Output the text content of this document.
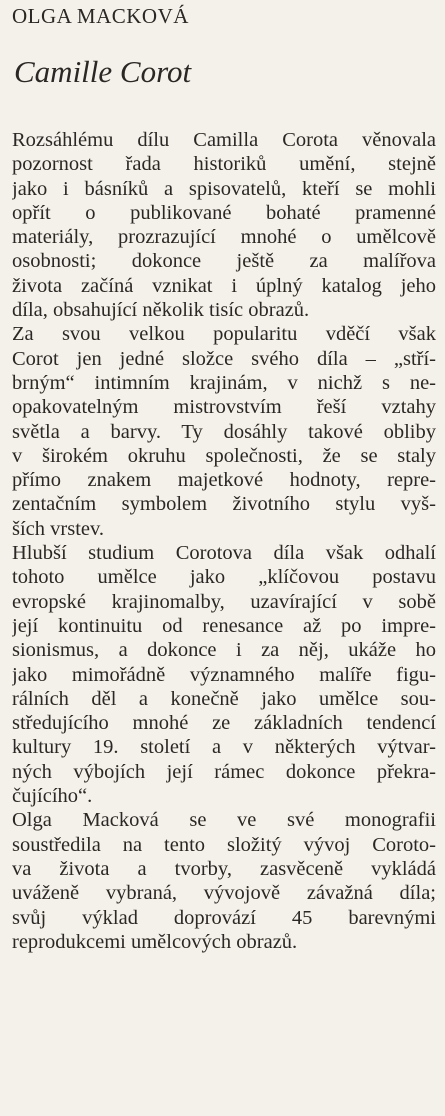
OLGA MACKOVÁ
Camille Corot
Rozsáhlému dílu Camilla Corota věnovala
pozornost řada historiků umění, stejně
jako i básníků a spisovatelů, kteří se mohli
opřít o publikované bohaté pramenné
materiály, prozrazující mnohé o umělcově
osobnosti; dokonce ještě za malířova
života začíná vznikat i úplný katalog jeho
díla, obsahující několik tisíc obrazů.
Za svou velkou popularitu vděčí však
Corot jen jedné složce svého díla – „stří-
brným“ intimním krajinám, v nichž s ne-
opakovatelným mistrovstvím řeší vztahy
světla a barvy. Ty dosáhly takové obliby
v širokém okruhu společnosti, že se staly
přímo znakem majetkové hodnoty, repre-
zentačním symbolem životního stylu vyš-
ších vrstev.
Hlubší studium Corotova díla však odhalí
tohoto umělce jako „klíčovou postavu
evropské krajinomalby, uzavírající v sobě
její kontinuitu od renesance až po impre-
sionismus, a dokonce i za něj, ukáže ho
jako mimořádně významného malíře figu-
rálních děl a konečně jako umělce sou-
středujícího mnohé ze základních tendencí
kultury 19. století a v některých výtvar-
ných výbojích její rámec dokonce překra-
čujícího“.
Olga Macková se ve své monografii
soustředila na tento složitý vývoj Coroto-
va života a tvorby, zasvěceně vykládá
uváženě vybraná, vývojově závažná díla;
svůj výklad doprovází 45 barevnými
reprodukcemi umělcových obrazů.
